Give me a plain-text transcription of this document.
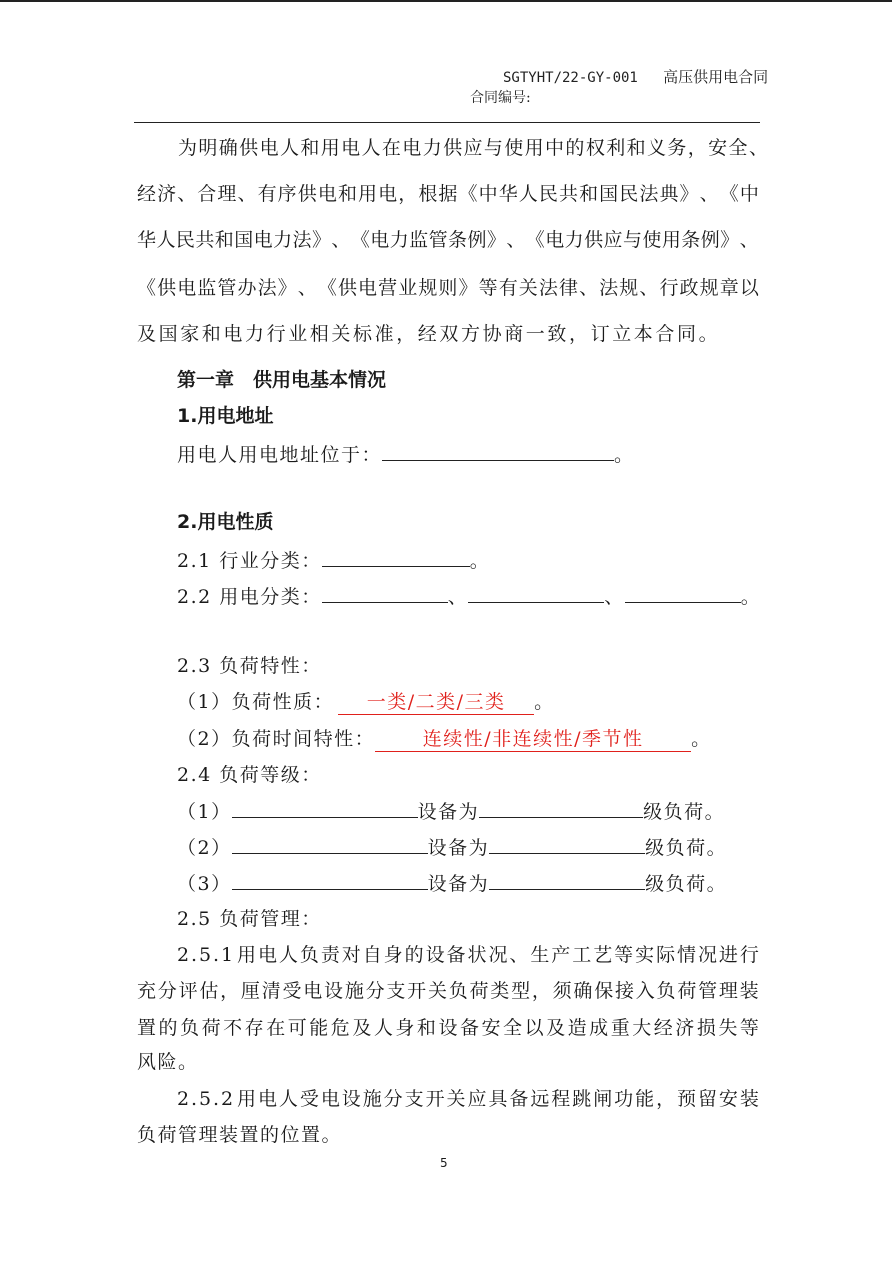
SGTYHT/22-GY-001 高压供用电合同
合同编号:
为 明 确 供 电 人 和 用 电 人 在 电 力 供 应 与 使 用 中 的 权 利 和 义 务 ， 安 全 、
经 济 、 合 理 、 有 序 供 电 和 用 电 ， 根 据 《 中 华 人 民 共 和 国 民 法 典 》 、 《 中
华 人 民 共 和 国 电 力 法 》 、 《 电 力 监 管 条 例 》 、 《 电 力 供 应 与 使 用 条 例 》 、
《 供 电 监 管 办 法 》 、 《 供 电 营 业 规 则 》 等 有 关 法 律 、 法 规 、 行 政 规 章 以
及国家和电力行业相关标准，经双方协商一致，订立本合同。
第一章　供用电基本情况
1.用电地址
用电人用电地址位于：	。
2.用电性质
2.1 行业分类：	。
2.2 用电分类：	、	、	。
2.3 负荷特性：
（1）负荷性质： 一类/二类/三类 。
（2）负荷时间特性：	连续性/非连续性/季节性	。
2.4 负荷等级：
（1）	设备为	级负荷。
（2）	设备为	级负荷。
（3）	设备为	级负荷。
2.5 负荷管理：
2 . 5 . 1 用 电 人 负 责 对 自 身 的 设 备 状 况 、 生 产 工 艺 等 实 际 情 况 进 行
充 分 评 估 ， 厘 清 受 电 设 施 分 支 开 关 负 荷 类 型 ， 须 确 保 接 入 负 荷 管 理 装
置 的 负 荷 不 存 在 可 能 危 及 人 身 和 设 备 安 全 以 及 造 成 重 大 经 济 损 失 等
风险。
2 . 5 . 2 用 电 人 受 电 设 施 分 支 开 关 应 具 备 远 程 跳 闸 功 能 ， 预 留 安 装
负荷管理装置的位置。
5
